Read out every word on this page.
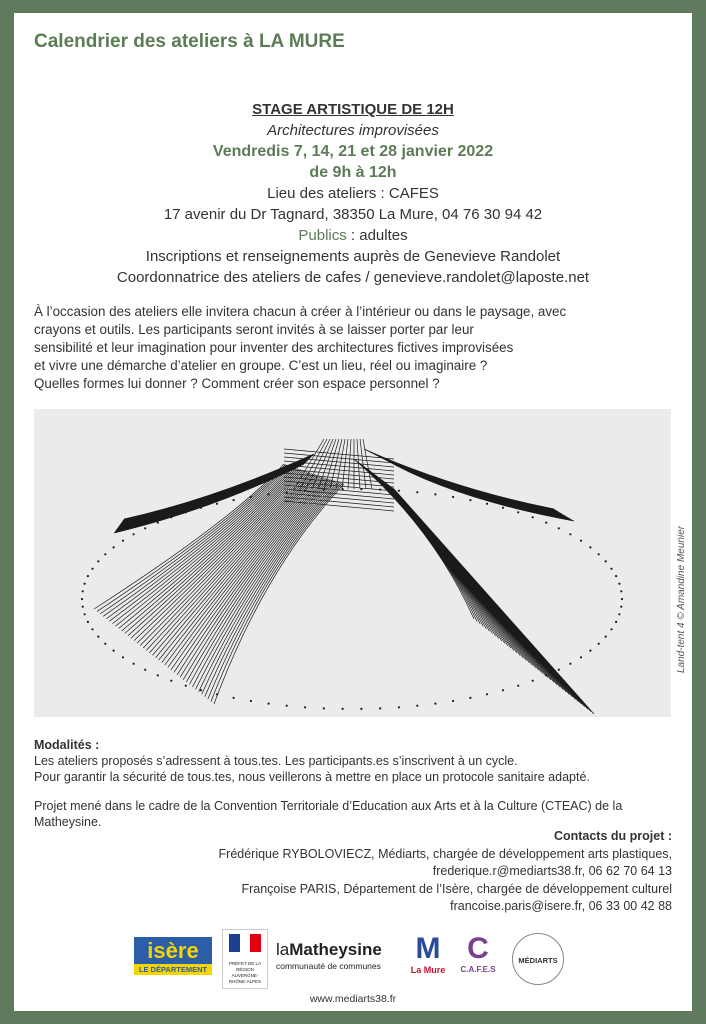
Calendrier des ateliers à LA MURE
STAGE ARTISTIQUE DE 12H
Architectures improvisées
Vendredis 7, 14, 21 et 28 janvier 2022
de 9h à 12h
Lieu des ateliers : CAFES
17 avenir du Dr Tagnard, 38350 La Mure, 04 76 30 94 42
Publics : adultes
Inscriptions et renseignements auprès de Genevieve Randolet
Coordonnatrice des ateliers de cafes / genevieve.randolet@laposte.net

À l’occasion des ateliers elle invitera chacun à créer à l’intérieur ou dans le paysage, avec

crayons et outils. Les participants seront invités à se laisser porter par leur

sensibilité et leur imagination pour inventer des architectures fictives improvisées

et vivre une démarche d’atelier en groupe. C’est un lieu, réel ou imaginaire ?

Quelles formes lui donner ? Comment créer son espace personnel ?

Land-tent 4 © Amandine Meunier

Modalités :

Les ateliers proposés s’adressent à tous.tes. Les participants.es s’inscrivent à un cycle.

Pour garantir la sécurité de tous.tes, nous veillerons à mettre en place un protocole sanitaire adapté.

Projet mené dans le cadre de la Convention Territoriale d’Education aux Arts et à la Culture (CTEAC) de la Matheysine.
Contacts du projet :
Frédérique RYBOLOVIECZ, Médiarts, chargée de développement arts plastiques,
frederique.r@mediarts38.fr, 06 62 70 64 13
Françoise PARIS, Département de l’Isère, chargée de développement culturel
francoise.paris@isere.fr, 06 33 00 42 88
isère
LE DÉPARTEMENT
PRÉFET DE LA RÉGION AUVERGNE-RHÔNE-ALPES
laMatheysine
communauté de communes
M
La Mure
C
C.A.F.E.S
MÉDIARTS
www.mediarts38.fr
